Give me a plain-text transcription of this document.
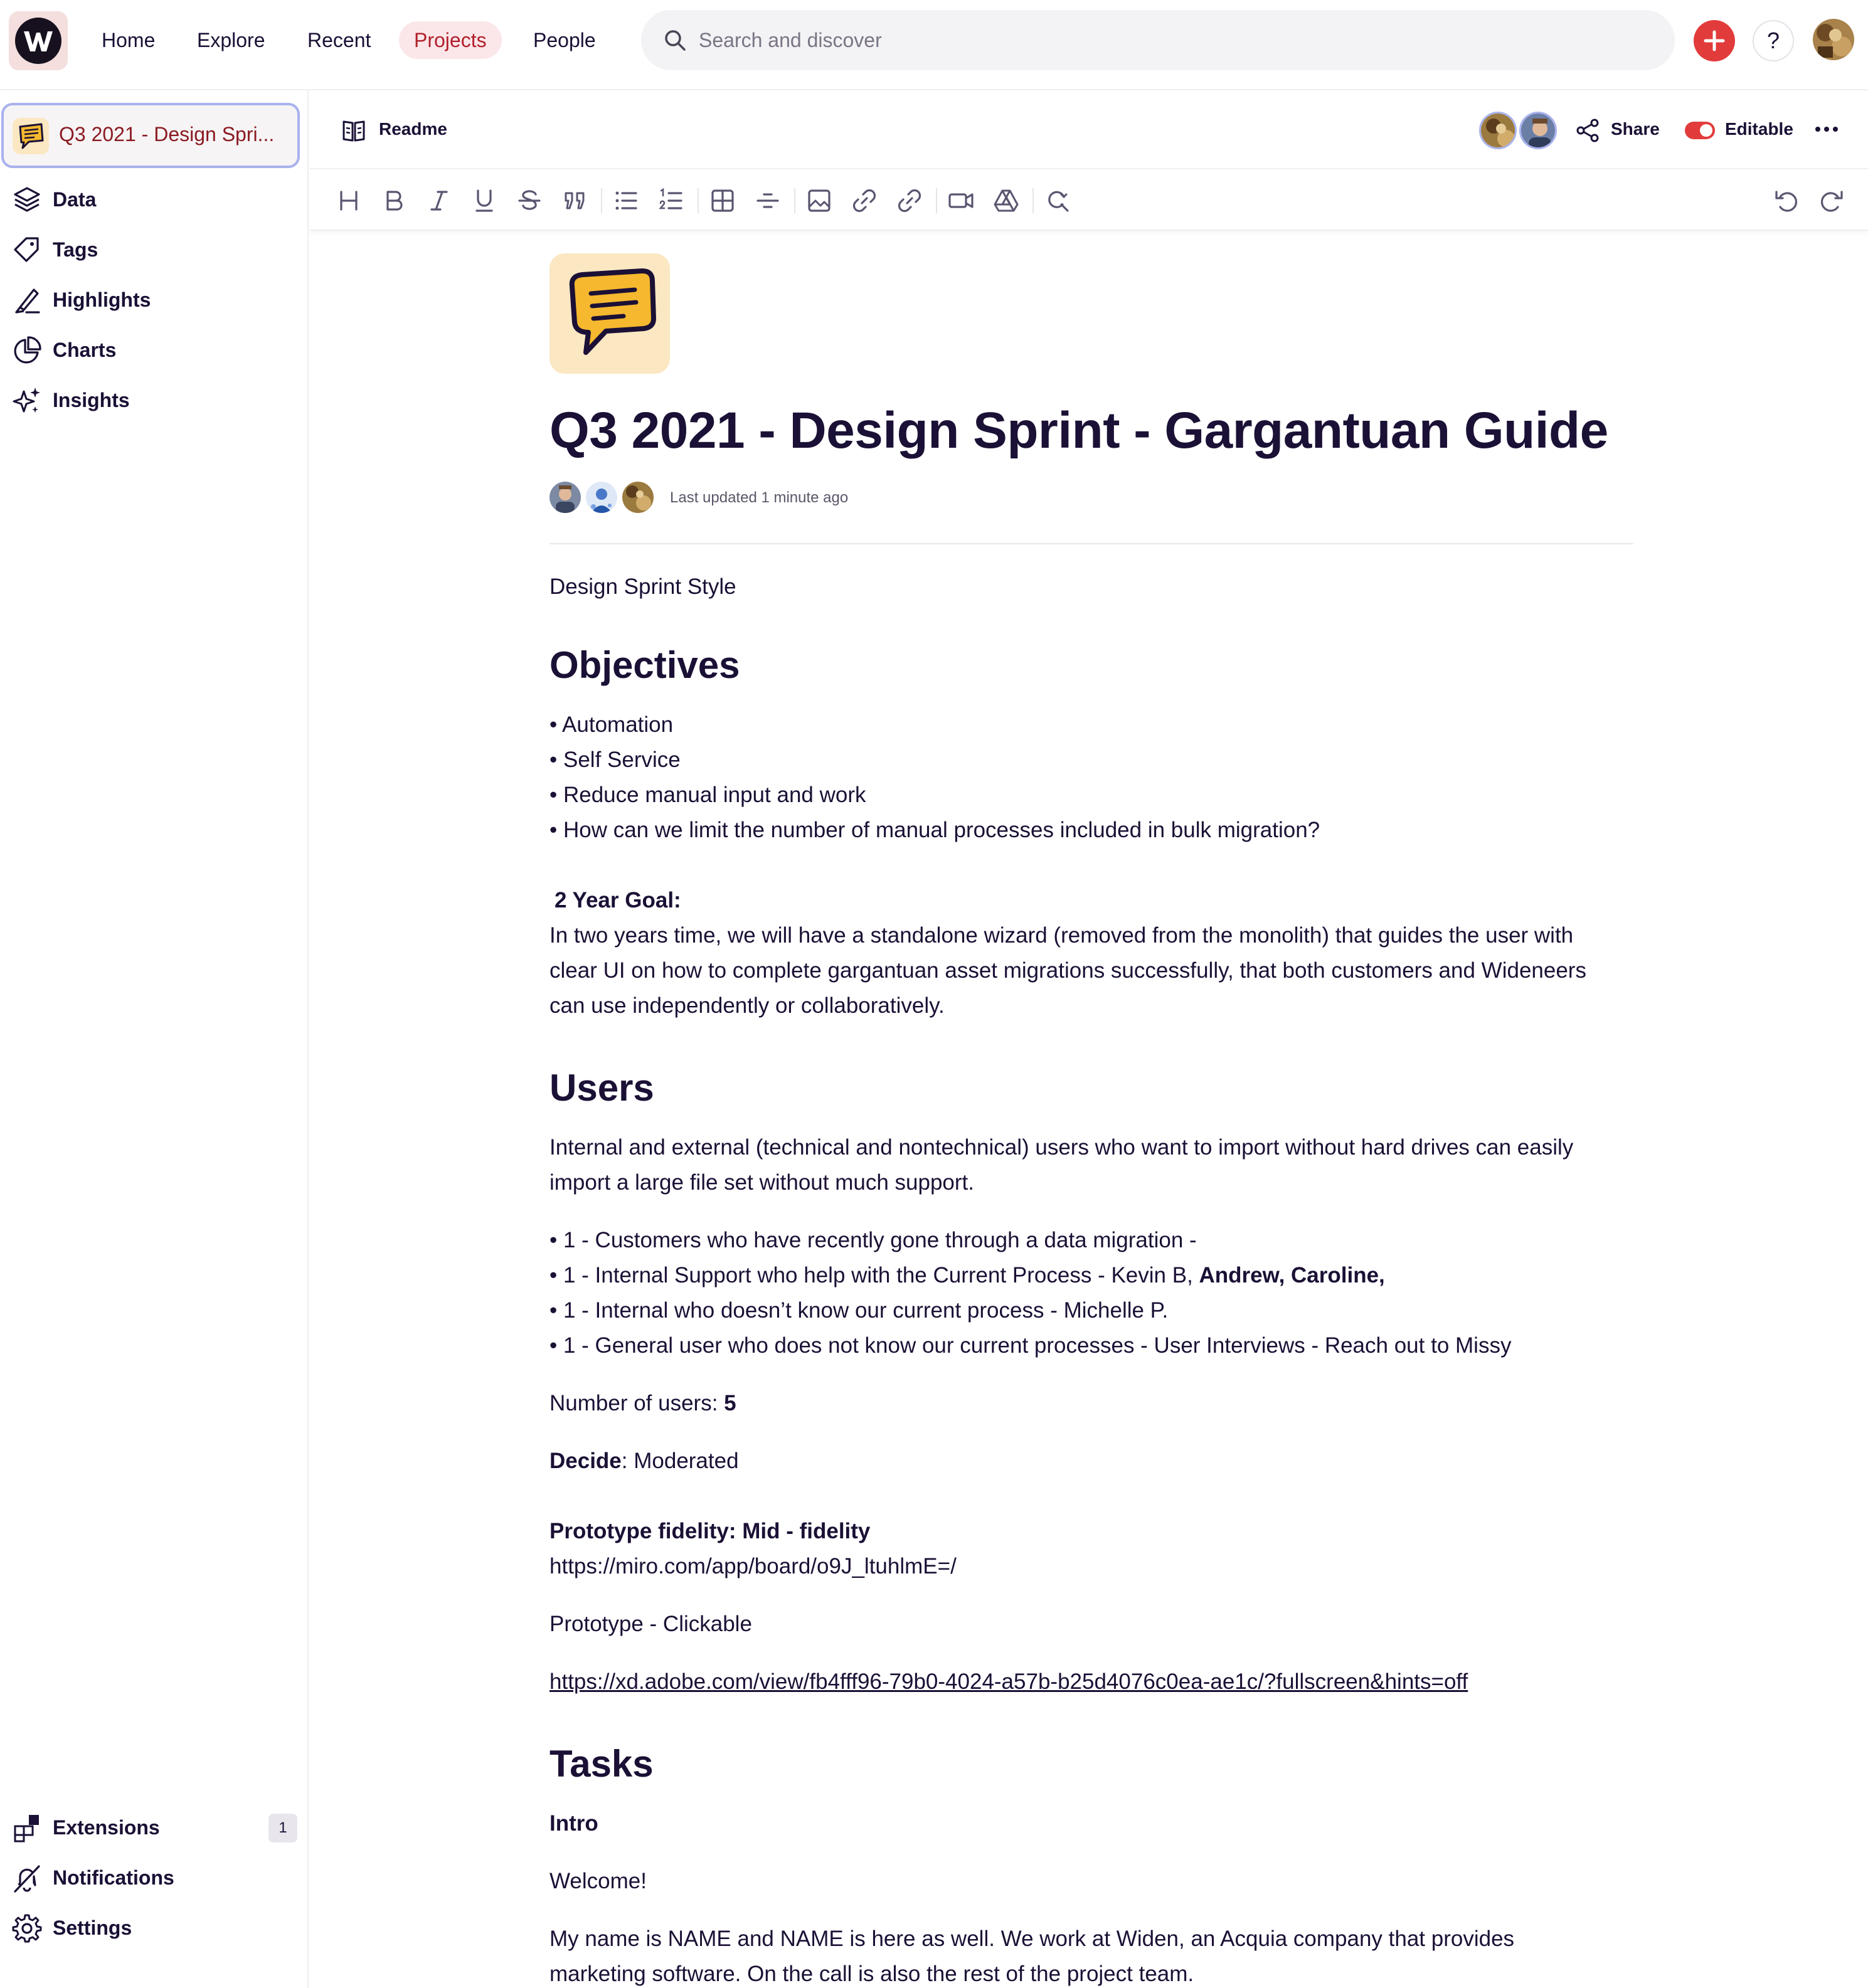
Home	Explore	Recent	Projects	People
Search and discover	?
Q3 2021 - Design Spri...
Data
Tags
Highlights
Charts
Insights
Extensions	1
Notifications
Settings
Readme	Share	Editable
Q3 2021 - Design Sprint - Gargantuan Guide
Last updated 1 minute ago

Design Sprint Style

Objectives

• Automation

• Self Service

• Reduce manual input and work

• How can we limit the number of manual processes included in bulk migration?

2 Year Goal:

In two years time, we will have a standalone wizard (removed from the monolith) that guides the user with

clear UI on how to complete gargantuan asset migrations successfully, that both customers and Wideneers

can use independently or collaboratively.

Users

Internal and external (technical and nontechnical) users who want to import without hard drives can easily

import a large file set without much support.

• 1 - Customers who have recently gone through a data migration -

• 1 - Internal Support who help with the Current Process - Kevin B, Andrew, Caroline,

• 1 - Internal who doesn’t know our current process - Michelle P.

• 1 - General user who does not know our current processes - User Interviews - Reach out to Missy

Number of users: 5

Decide: Moderated

Prototype fidelity: Mid - fidelity

https://miro.com/app/board/o9J_ltuhlmE=/

Prototype - Clickable

https://xd.adobe.com/view/fb4fff96-79b0-4024-a57b-b25d4076c0ea-ae1c/?fullscreen&hints=off

Tasks

Intro

Welcome!

My name is NAME and NAME is here as well. We work at Widen, an Acquia company that provides

marketing software. On the call is also the rest of the project team.
